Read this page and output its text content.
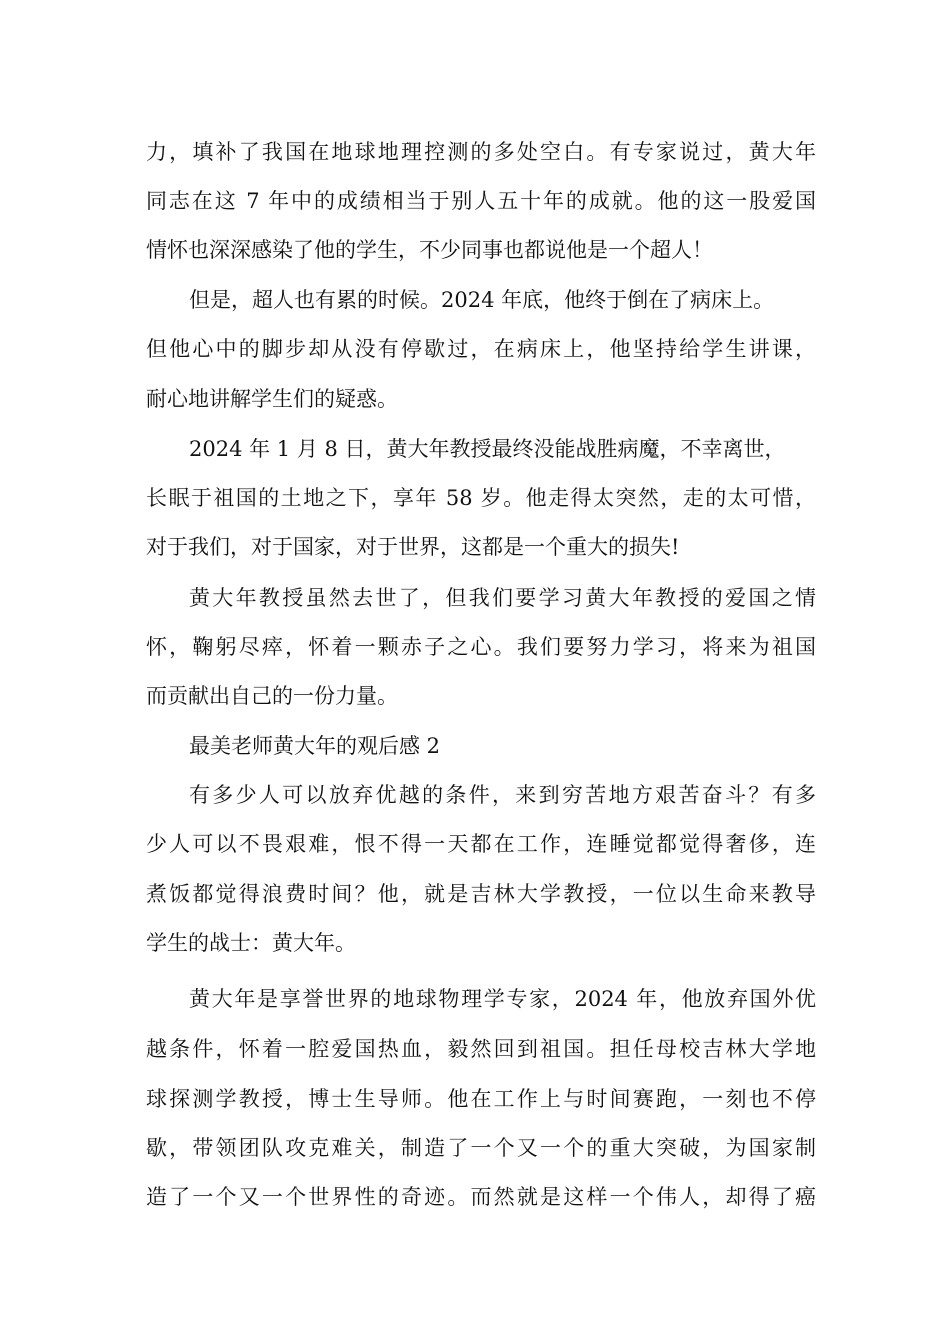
力，填补了我国在地球地理控测的多处空白。有专家说过，黄大年
同志在这 7 年中的成绩相当于别人五十年的成就。他的这一股爱国
情怀也深深感染了他的学生，不少同事也都说他是一个超人！
但是，超人也有累的时候。2024 年底，他终于倒在了病床上。
但他心中的脚步却从没有停歇过，在病床上，他坚持给学生讲课，
耐心地讲解学生们的疑惑。
2024 年 1 月 8 日，黄大年教授最终没能战胜病魔，不幸离世，
长眠于祖国的土地之下，享年 58 岁。他走得太突然，走的太可惜，
对于我们，对于国家，对于世界，这都是一个重大的损失!
黄大年教授虽然去世了，但我们要学习黄大年教授的爱国之情
怀，鞠躬尽瘁，怀着一颗赤子之心。我们要努力学习，将来为祖国
而贡献出自己的一份力量。
最美老师黄大年的观后感 2
有多少人可以放弃优越的条件，来到穷苦地方艰苦奋斗？有多
少人可以不畏艰难，恨不得一天都在工作，连睡觉都觉得奢侈，连
煮饭都觉得浪费时间？他，就是吉林大学教授，一位以生命来教导
学生的战士：黄大年。
黄大年是享誉世界的地球物理学专家，2024 年，他放弃国外优
越条件，怀着一腔爱国热血，毅然回到祖国。担任母校吉林大学地
球探测学教授，博士生导师。他在工作上与时间赛跑，一刻也不停
歇，带领团队攻克难关，制造了一个又一个的重大突破，为国家制
造了一个又一个世界性的奇迹。而然就是这样一个伟人，却得了癌
